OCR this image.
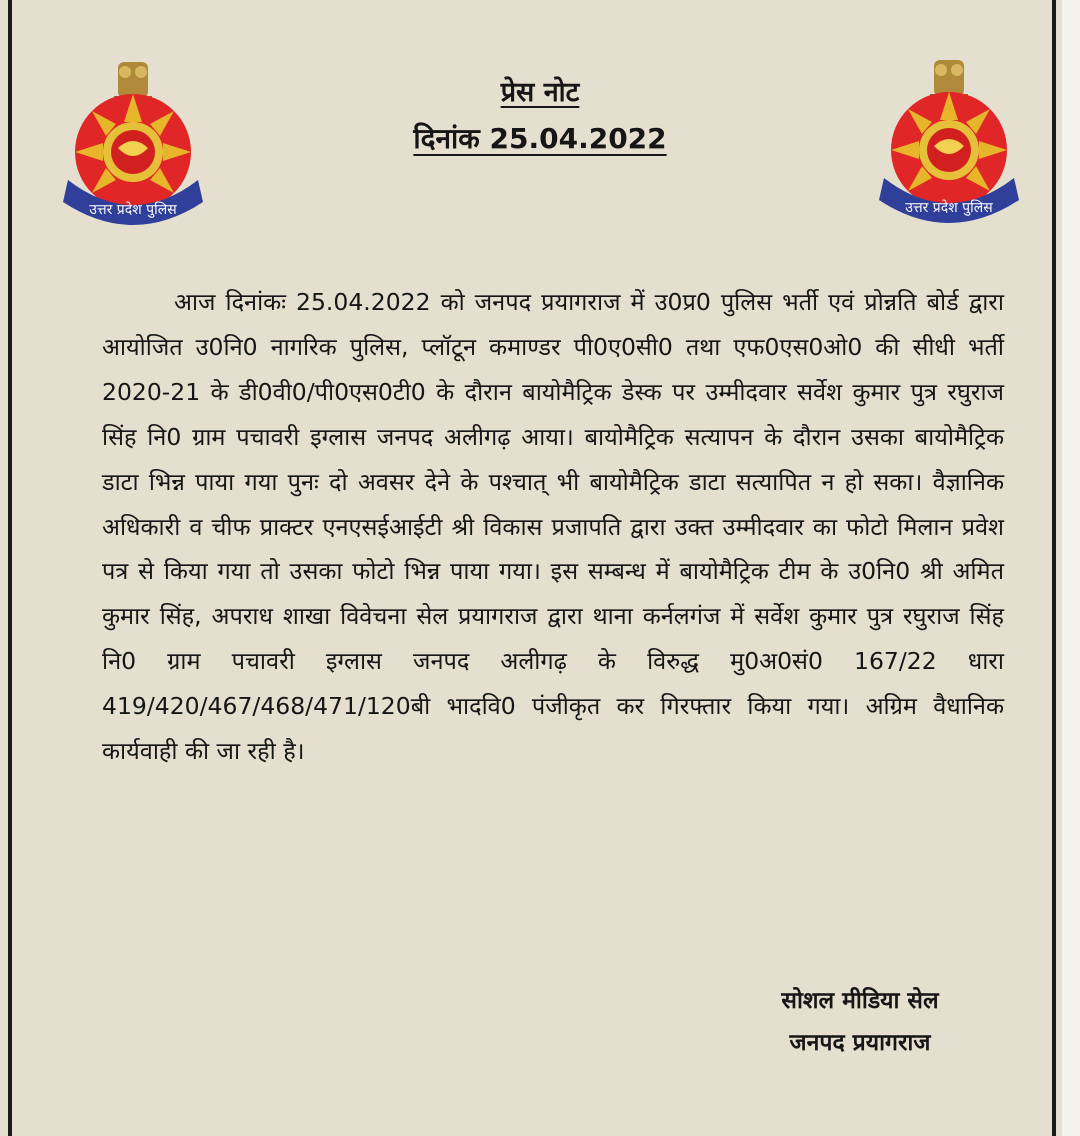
उत्तर प्रदेश पुलिस	उत्तर प्रदेश पुलिस
प्रेस नोट
दिनांक 25.04.2022

आज दिनांकः 25.04.2022 को जनपद प्रयागराज में उ0प्र0 पुलिस भर्ती एवं प्रोन्नति बोर्ड द्वारा आयोजित उ0नि0 नागरिक पुलिस, प्लॉटून कमाण्डर पी0ए0सी0 तथा एफ0एस0ओ0 की सीधी भर्ती 2020-21 के डी0वी0/पी0एस0टी0 के दौरान बायोमैट्रिक डेस्क पर उम्मीदवार सर्वेश कुमार पुत्र रघुराज सिंह नि0 ग्राम पचावरी इग्लास जनपद अलीगढ़ आया। बायोमैट्रिक सत्यापन के दौरान उसका बायोमैट्रिक डाटा भिन्न पाया गया पुनः दो अवसर देने के पश्चात् भी बायोमैट्रिक डाटा सत्यापित न हो सका। वैज्ञानिक अधिकारी व चीफ प्राक्टर एनएसईआईटी श्री विकास प्रजापति द्वारा उक्त उम्मीदवार का फोटो मिलान प्रवेश पत्र से किया गया तो उसका फोटो भिन्न पाया गया। इस सम्बन्ध में बायोमैट्रिक टीम के उ0नि0 श्री अमित कुमार सिंह, अपराध शाखा विवेचना सेल प्रयागराज द्वारा थाना कर्नलगंज में सर्वेश कुमार पुत्र रघुराज सिंह नि0 ग्राम पचावरी इग्लास जनपद अलीगढ़ के विरुद्ध मु0अ0सं0 167/22 धारा 419/420/467/468/471/120बी भादवि0 पंजीकृत कर गिरफ्तार किया गया। अग्रिम वैधानिक कार्यवाही की जा रही है।

सोशल मीडिया सेल
जनपद प्रयागराज
